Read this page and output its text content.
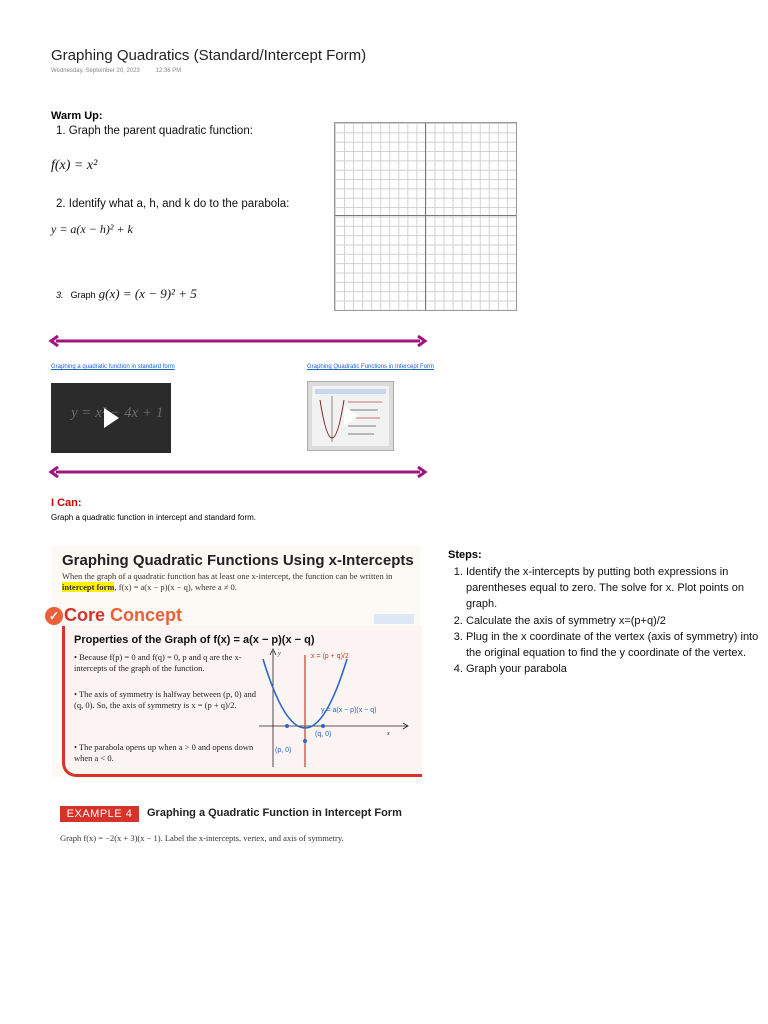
Graphing Quadratics (Standard/Intercept Form)
Wednesday, September 20, 2023	12:36 PM
Warm Up:
1. Graph the parent quadratic function:
f(x) = x²
2. Identify what a, h, and k do to the parabola:
y = a(x − h)² + k
3. Graph g(x) = (x − 9)² + 5
Graphing a quadratic function in standard form	Graphing Quadratic Functions in Intercept Form
y = x² − 4x + 1
I Can:
Graph a quadratic function in intercept and standard form.
Graphing Quadratic Functions Using x-Intercepts
When the graph of a quadratic function has at least one x-intercept, the function can be written in intercept form, f(x) = a(x − p)(x − q), where a ≠ 0.
✓ Core Concept
Properties of the Graph of f(x) = a(x − p)(x − q)
• Because f(p) = 0 and f(q) = 0, p and q are the x-intercepts of the graph of the function.
• The axis of symmetry is halfway between (p, 0) and (q, 0). So, the axis of symmetry is x = (p + q)/2.
• The parabola opens up when a > 0 and opens down when a < 0.
y
x
x = (p + q)/2
y = a(x − p)(x − q)
(p, 0)
(q, 0)
EXAMPLE 4	Graphing a Quadratic Function in Intercept Form
Graph f(x) = −2(x + 3)(x − 1). Label the x-intercepts, vertex, and axis of symmetry.
Steps:
1. Identify the x-intercepts by putting both expressions in parentheses equal to zero. The solve for x. Plot points on graph.
2. Calculate the axis of symmetry x=(p+q)/2
3. Plug in the x coordinate of the vertex (axis of symmetry) into the original equation to find the y coordinate of the vertex.
4. Graph your parabola
